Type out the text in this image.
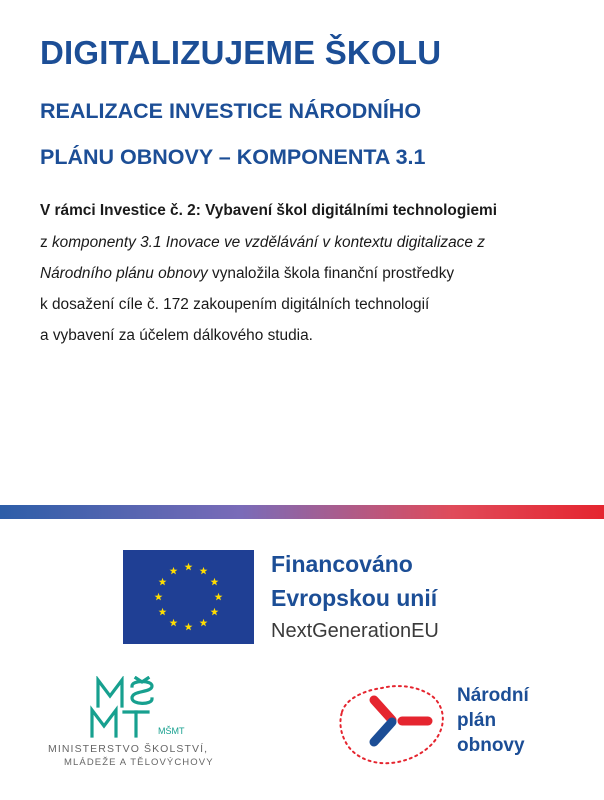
DIGITALIZUJEME ŠKOLU
REALIZACE INVESTICE NÁRODNÍHO
PLÁNU OBNOVY – KOMPONENTA 3.1

V rámci Investice č. 2: Vybavení škol digitálními technologiemi

z komponenty 3.1 Inovace ve vzdělávání v kontextu digitalizace z

Národního plánu obnovy vynaložila škola finanční prostředky

k dosažení cíle č. 172 zakoupením digitálních technologií

a vybavení za účelem dálkového studia.

Financováno

Evropskou unií

NextGenerationEU

MŠMT

MINISTERSTVO ŠKOLSTVÍ,

MLÁDEŽE A TĚLOVÝCHOVY

Národní

plán

obnovy
